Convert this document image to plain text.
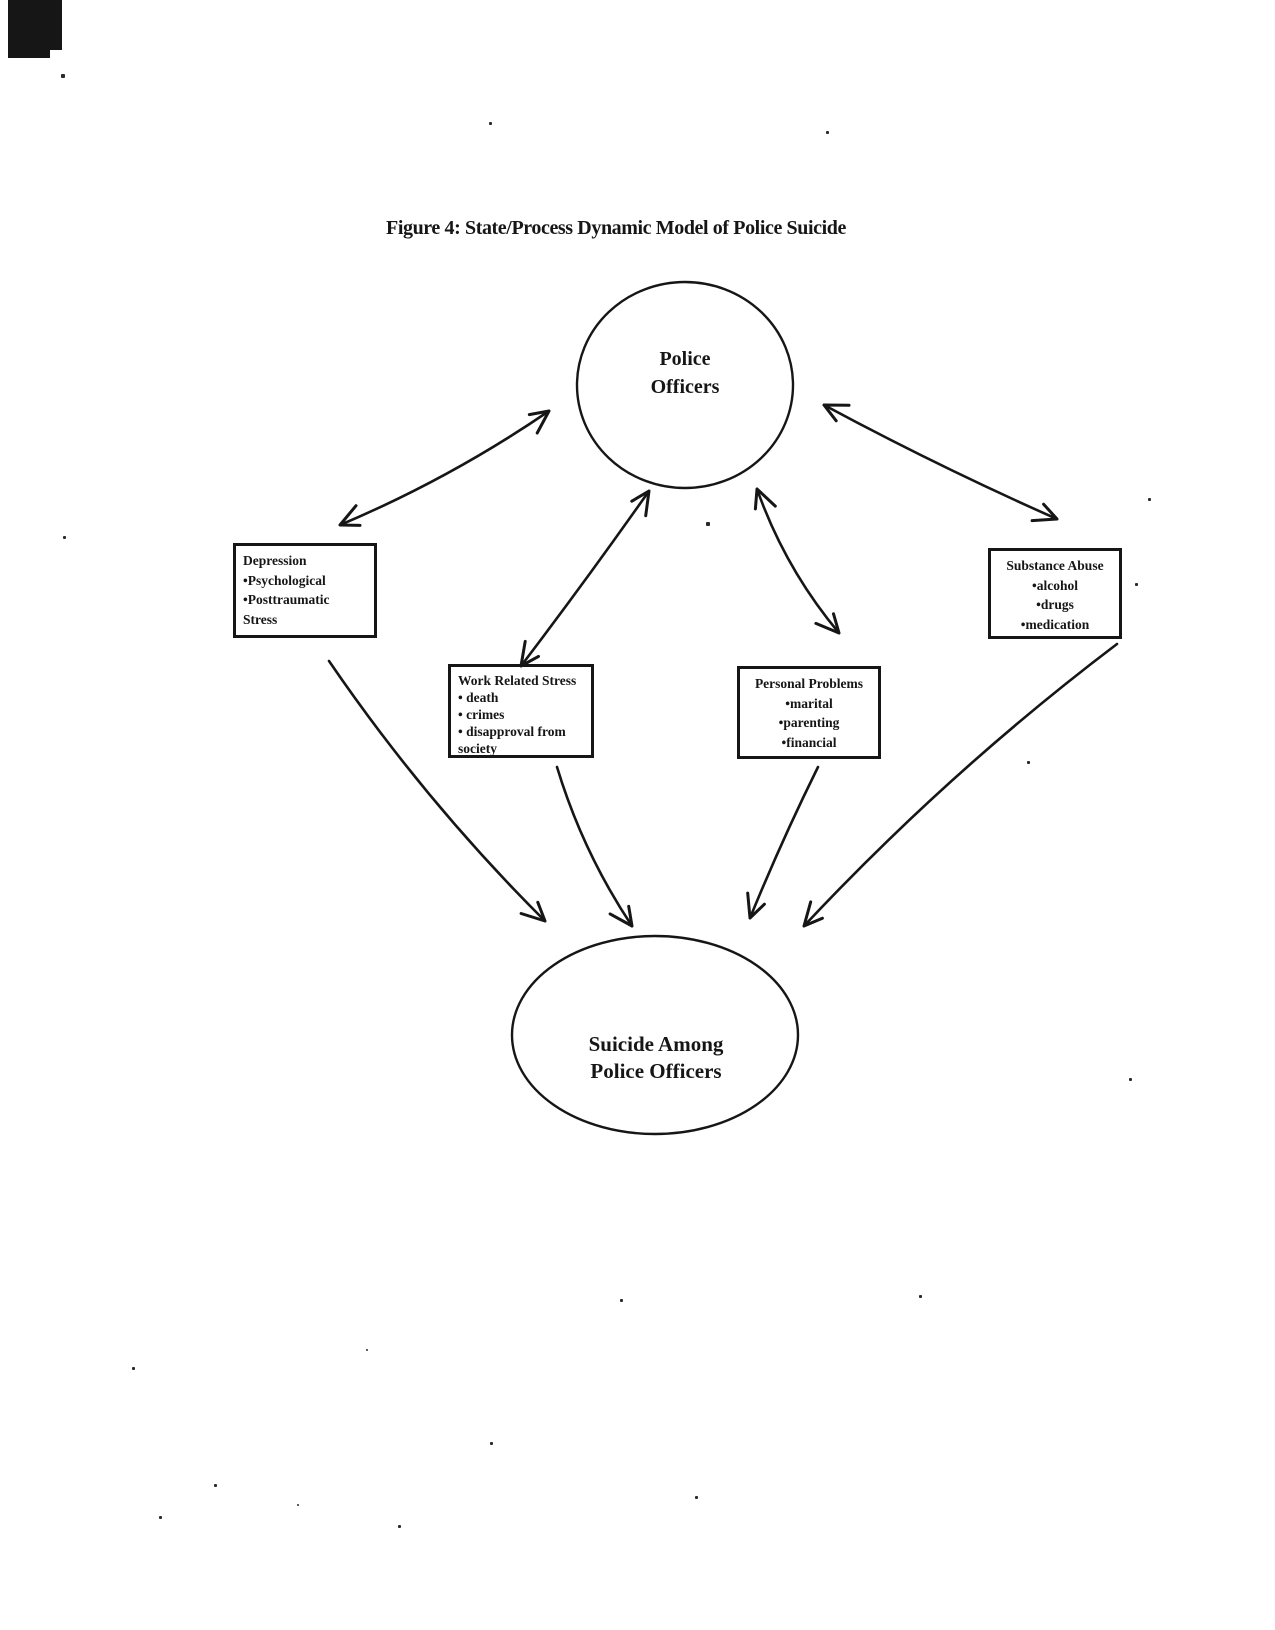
Figure 4: State/Process Dynamic Model of Police Suicide
Police
Officers
Suicide Among
Police Officers
Depression
•Psychological
•Posttraumatic
Stress
Work Related Stress
• death
• crimes
• disapproval from
society
Personal Problems
•marital
•parenting
•financial
Substance Abuse
•alcohol
•drugs
•medication
